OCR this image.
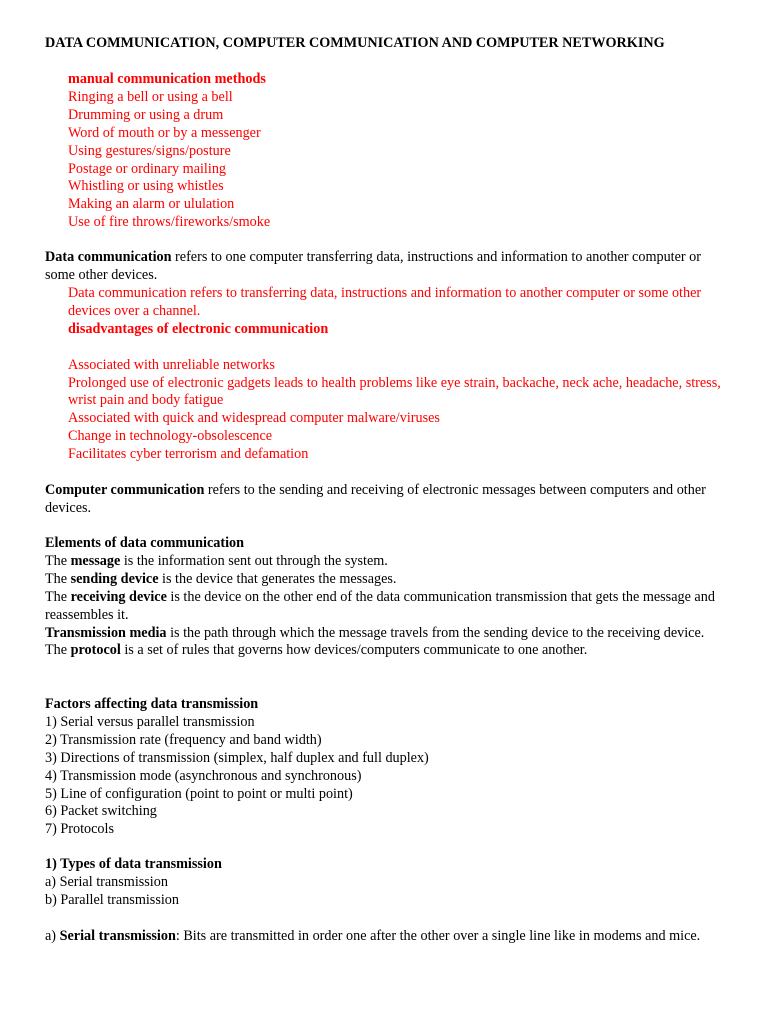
DATA COMMUNICATION, COMPUTER COMMUNICATION AND COMPUTER NETWORKING

manual communication methods

Ringing a bell or using a bell

Drumming or using a drum

Word of mouth or by a messenger

Using gestures/signs/posture

Postage or ordinary mailing

Whistling or using whistles

Making an alarm or ululation

Use of fire throws/fireworks/smoke

Data communication refers to one computer transferring data, instructions and information to another computer or some other devices.

Data communication refers to transferring data, instructions and information to another computer or some other devices over a channel.

disadvantages of electronic communication

Associated with unreliable networks

Prolonged use of electronic gadgets leads to health problems like eye strain, backache, neck ache, headache, stress, wrist pain and body fatigue

Associated with quick and widespread computer malware/viruses

Change in technology-obsolescence

Facilitates cyber terrorism and defamation

Computer communication refers to the sending and receiving of electronic messages between computers and other devices.

Elements of data communication

The message is the information sent out through the system.

The sending device is the device that generates the messages.

The receiving device is the device on the other end of the data communication transmission that gets the message and reassembles it.

Transmission media is the path through which the message travels from the sending device to the receiving device.

The protocol is a set of rules that governs how devices/computers communicate to one another.

Factors affecting data transmission

1) Serial versus parallel transmission

2) Transmission rate (frequency and band width)

3) Directions of transmission (simplex, half duplex and full duplex)

4) Transmission mode (asynchronous and synchronous)

5) Line of configuration (point to point or multi point)

6) Packet switching

7) Protocols

1) Types of data transmission

a) Serial transmission

b) Parallel transmission

a) Serial transmission: Bits are transmitted in order one after the other over a single line like in modems and mice.
